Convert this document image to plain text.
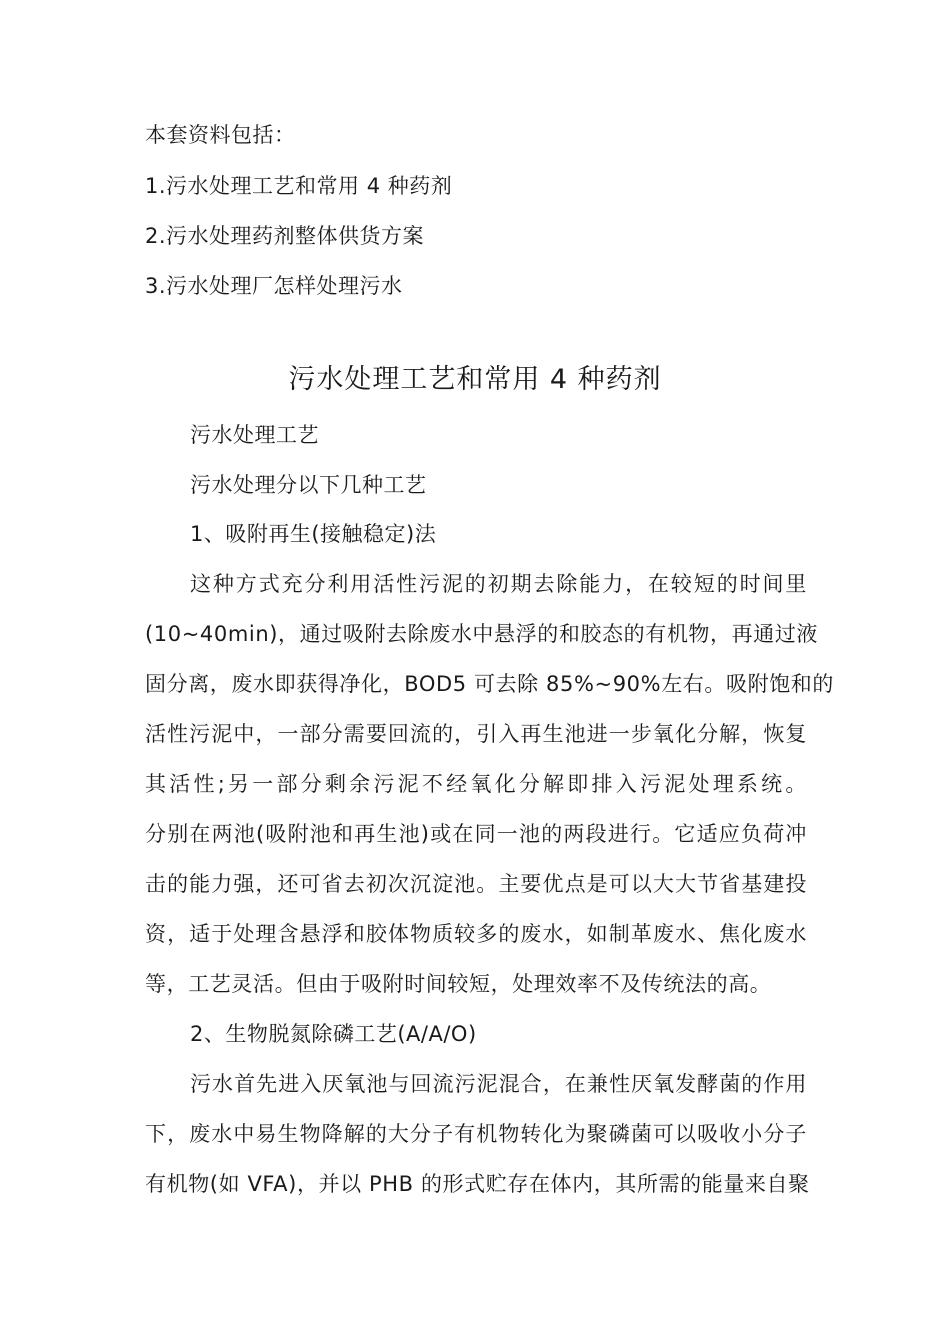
本套资料包括：
1.污水处理工艺和常用 4 种药剂
2.污水处理药剂整体供货方案
3.污水处理厂怎样处理污水
污水处理工艺和常用 4 种药剂
污水处理工艺
污水处理分以下几种工艺
1、吸附再生(接触稳定)法
这种方式充分利用活性污泥的初期去除能力，在较短的时间里
(10~40min)，通过吸附去除废水中悬浮的和胶态的有机物，再通过液
固分离，废水即获得净化，BOD5 可去除 85%~90%左右。吸附饱和的
活性污泥中，一部分需要回流的，引入再生池进一步氧化分解，恢复
其活性;另一部分剩余污泥不经氧化分解即排入污泥处理系统。
分别在两池(吸附池和再生池)或在同一池的两段进行。它适应负荷冲
击的能力强，还可省去初次沉淀池。主要优点是可以大大节省基建投
资，适于处理含悬浮和胶体物质较多的废水，如制革废水、焦化废水
等，工艺灵活。但由于吸附时间较短，处理效率不及传统法的高。
2、生物脱氮除磷工艺(A/A/O)
污水首先进入厌氧池与回流污泥混合，在兼性厌氧发酵菌的作用
下，废水中易生物降解的大分子有机物转化为聚磷菌可以吸收小分子
有机物(如 VFA)，并以 PHB 的形式贮存在体内，其所需的能量来自聚
